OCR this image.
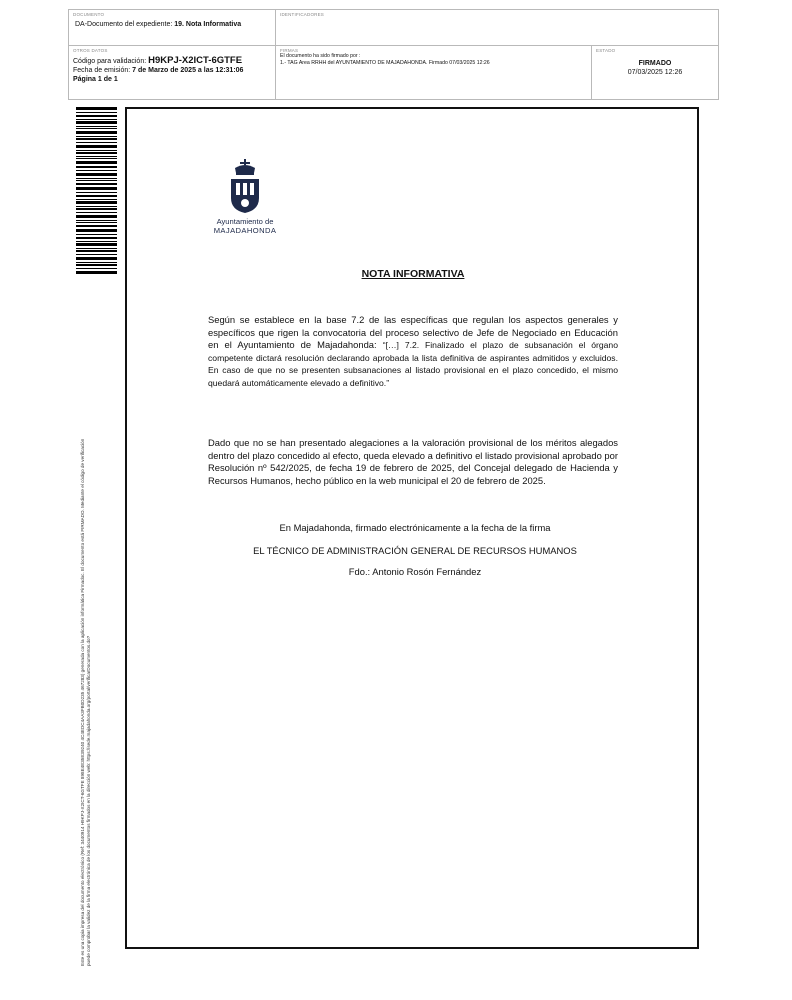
DOCUMENTO
DA-Documento del expediente: 19. Nota Informativa
IDENTIFICADORES
OTROS DATOS
Código para validación: H9KPJ-X2ICT-6GTFE
Fecha de emisión: 7 de Marzo de 2025 a las 12:31:06
Página 1 de 1
FIRMAS
El documento ha sido firmado por :
1.- TAG Area RRHH del AYUNTAMIENTO DE MAJADAHONDA. Firmado 07/03/2025 12:26
ESTADO
FIRMADO
07/03/2025 12:26
Este es una copia impresa del documento electrónico (Ref: 3440914 H9KPJ-X2ICT-6GTFE 898E4E35E39240 4C4EDC4AA3FB0D235 467283) generada con la aplicación informática Firmadoc. El documento está FIRMADO. Mediante el código de verificación puede comprobar la validez de la firma electrónica de los documentos firmados en la dirección web: https://sede.majadahonda.org/portal/verificarDocumentos.do?
Ayuntamiento de
MAJADAHONDA
NOTA INFORMATIVA
Según se establece en la base 7.2 de las específicas que regulan los aspectos generales y específicos que rigen la convocatoria del proceso selectivo de Jefe de Negociado en Educación en el Ayuntamiento de Majadahonda: “[…] 7.2. Finalizado el plazo de subsanación el órgano competente dictará resolución declarando aprobada la lista definitiva de aspirantes admitidos y excluidos. En caso de que no se presenten subsanaciones al listado provisional en el plazo concedido, el mismo quedará automáticamente elevado a definitivo.”
Dado que no se han presentado alegaciones a la valoración provisional de los méritos alegados dentro del plazo concedido al efecto, queda elevado a definitivo el listado provisional aprobado por Resolución nº 542/2025, de fecha 19 de febrero de 2025, del Concejal delegado de Hacienda y Recursos Humanos, hecho público en la web municipal el 20 de febrero de 2025.
En Majadahonda, firmado electrónicamente a la fecha de la firma
EL TÉCNICO DE ADMINISTRACIÓN GENERAL DE RECURSOS HUMANOS
Fdo.: Antonio Rosón Fernández
